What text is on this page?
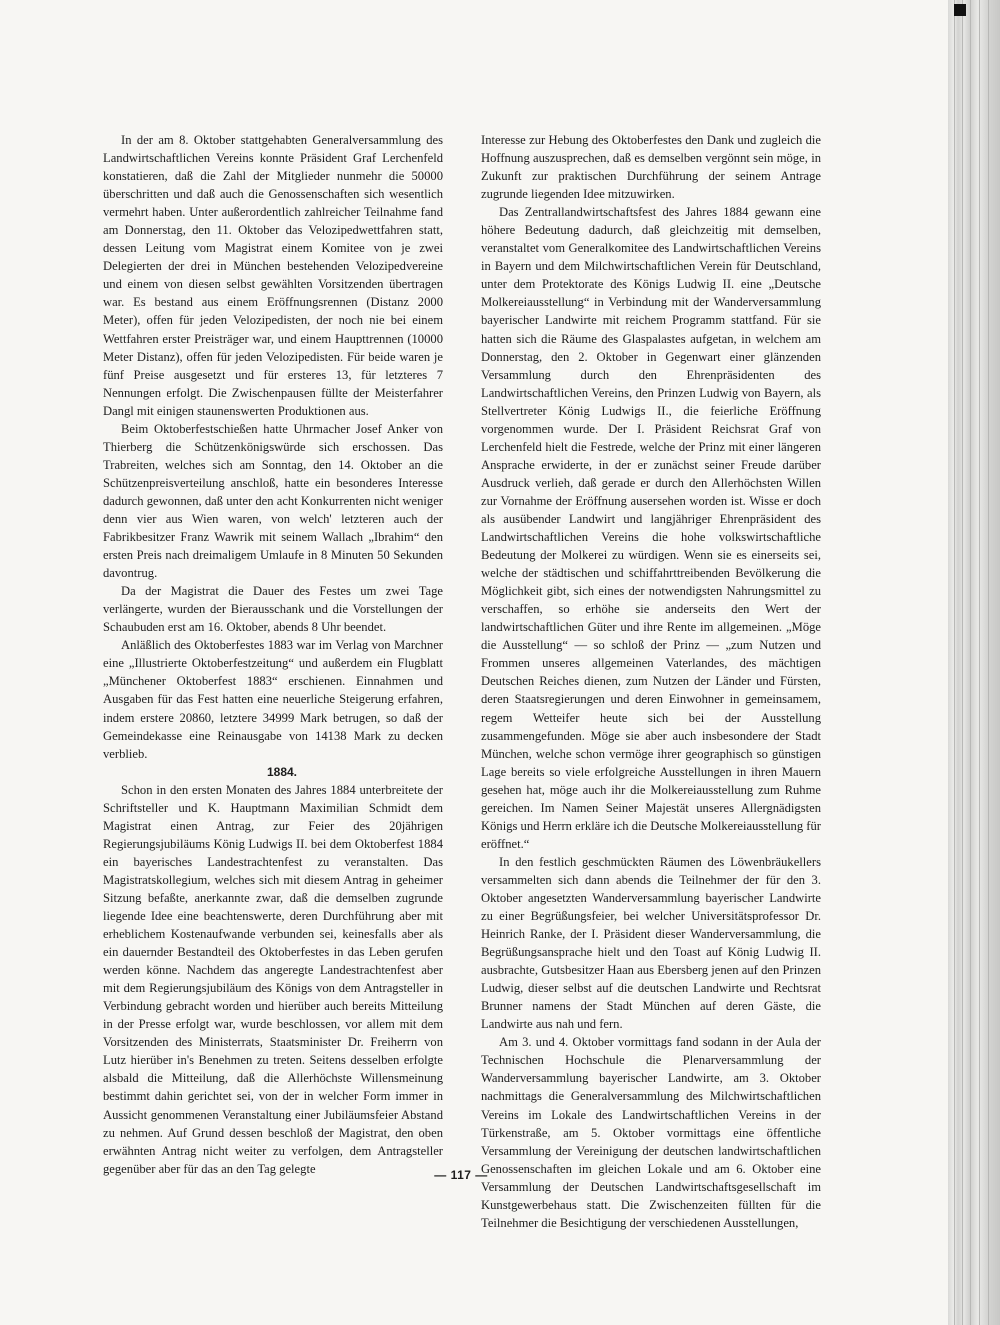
In der am 8. Oktober stattgehabten Generalversammlung des Landwirtschaftlichen Vereins konnte Präsident Graf Lerchenfeld konstatieren, daß die Zahl der Mitglieder nunmehr die 50000 überschritten und daß auch die Genossenschaften sich wesentlich vermehrt haben. Unter außerordentlich zahlreicher Teilnahme fand am Donnerstag, den 11. Oktober das Velozipedwettfahren statt, dessen Leitung vom Magistrat einem Komitee von je zwei Delegierten der drei in München bestehenden Velozipedvereine und einem von diesen selbst gewählten Vorsitzenden übertragen war. Es bestand aus einem Eröffnungsrennen (Distanz 2000 Meter), offen für jeden Velozipedisten, der noch nie bei einem Wettfahren erster Preisträger war, und einem Haupttrennen (10000 Meter Distanz), offen für jeden Velozipedisten. Für beide waren je fünf Preise ausgesetzt und für ersteres 13, für letzteres 7 Nennungen erfolgt. Die Zwischenpausen füllte der Meisterfahrer Dangl mit einigen staunenswerten Produktionen aus.

Beim Oktoberfestschießen hatte Uhrmacher Josef Anker von Thierberg die Schützenkönigswürde sich erschossen. Das Trabreiten, welches sich am Sonntag, den 14. Oktober an die Schützenpreisverteilung anschloß, hatte ein besonderes Interesse dadurch gewonnen, daß unter den acht Konkurrenten nicht weniger denn vier aus Wien waren, von welch' letzteren auch der Fabrikbesitzer Franz Wawrik mit seinem Wallach „Ibrahim“ den ersten Preis nach dreimaligem Umlaufe in 8 Minuten 50 Sekunden davontrug.

Da der Magistrat die Dauer des Festes um zwei Tage verlängerte, wurden der Bierausschank und die Vorstellungen der Schaubuden erst am 16. Oktober, abends 8 Uhr beendet.

Anläßlich des Oktoberfestes 1883 war im Verlag von Marchner eine „Illustrierte Oktoberfestzeitung“ und außerdem ein Flugblatt „Münchener Oktoberfest 1883“ erschienen. Einnahmen und Ausgaben für das Fest hatten eine neuerliche Steigerung erfahren, indem erstere 20860, letztere 34999 Mark betrugen, so daß der Gemeindekasse eine Reinausgabe von 14138 Mark zu decken verblieb.

1884.

Schon in den ersten Monaten des Jahres 1884 unterbreitete der Schriftsteller und K. Hauptmann Maximilian Schmidt dem Magistrat einen Antrag, zur Feier des 20jährigen Regierungsjubiläums König Ludwigs II. bei dem Oktoberfest 1884 ein bayerisches Landestrachtenfest zu veranstalten. Das Magistratskollegium, welches sich mit diesem Antrag in geheimer Sitzung befaßte, anerkannte zwar, daß die demselben zugrunde liegende Idee eine beachtenswerte, deren Durchführung aber mit erheblichem Kostenaufwande verbunden sei, keinesfalls aber als ein dauernder Bestandteil des Oktoberfestes in das Leben gerufen werden könne. Nachdem das angeregte Landestrachtenfest aber mit dem Regierungsjubiläum des Königs von dem Antragsteller in Verbindung gebracht worden und hierüber auch bereits Mitteilung in der Presse erfolgt war, wurde beschlossen, vor allem mit dem Vorsitzenden des Ministerrats, Staatsminister Dr. Freiherrn von Lutz hierüber in's Benehmen zu treten. Seitens desselben erfolgte alsbald die Mitteilung, daß die Allerhöchste Willensmeinung bestimmt dahin gerichtet sei, von der in welcher Form immer in Aussicht genommenen Veranstaltung einer Jubiläumsfeier Abstand zu nehmen. Auf Grund dessen beschloß der Magistrat, den oben erwähnten Antrag nicht weiter zu verfolgen, dem Antragsteller gegenüber aber für das an den Tag gelegte

Interesse zur Hebung des Oktoberfestes den Dank und zugleich die Hoffnung auszusprechen, daß es demselben vergönnt sein möge, in Zukunft zur praktischen Durchführung der seinem Antrage zugrunde liegenden Idee mitzuwirken.

Das Zentrallandwirtschaftsfest des Jahres 1884 gewann eine höhere Bedeutung dadurch, daß gleichzeitig mit demselben, veranstaltet vom Generalkomitee des Landwirtschaftlichen Vereins in Bayern und dem Milchwirtschaftlichen Verein für Deutschland, unter dem Protektorate des Königs Ludwig II. eine „Deutsche Molkereiausstellung“ in Verbindung mit der Wanderversammlung bayerischer Landwirte mit reichem Programm stattfand. Für sie hatten sich die Räume des Glaspalastes aufgetan, in welchem am Donnerstag, den 2. Oktober in Gegenwart einer glänzenden Versammlung durch den Ehrenpräsidenten des Landwirtschaftlichen Vereins, den Prinzen Ludwig von Bayern, als Stellvertreter König Ludwigs II., die feierliche Eröffnung vorgenommen wurde. Der I. Präsident Reichsrat Graf von Lerchenfeld hielt die Festrede, welche der Prinz mit einer längeren Ansprache erwiderte, in der er zunächst seiner Freude darüber Ausdruck verlieh, daß gerade er durch den Allerhöchsten Willen zur Vornahme der Eröffnung ausersehen worden ist. Wisse er doch als ausübender Landwirt und langjähriger Ehrenpräsident des Landwirtschaftlichen Vereins die hohe volkswirtschaftliche Bedeutung der Molkerei zu würdigen. Wenn sie es einerseits sei, welche der städtischen und schiffahrttreibenden Bevölkerung die Möglichkeit gibt, sich eines der notwendigsten Nahrungsmittel zu verschaffen, so erhöhe sie anderseits den Wert der landwirtschaftlichen Güter und ihre Rente im allgemeinen. „Möge die Ausstellung“ — so schloß der Prinz — „zum Nutzen und Frommen unseres allgemeinen Vaterlandes, des mächtigen Deutschen Reiches dienen, zum Nutzen der Länder und Fürsten, deren Staatsregierungen und deren Einwohner in gemeinsamem, regem Wetteifer heute sich bei der Ausstellung zusammengefunden. Möge sie aber auch insbesondere der Stadt München, welche schon vermöge ihrer geographisch so günstigen Lage bereits so viele erfolgreiche Ausstellungen in ihren Mauern gesehen hat, möge auch ihr die Molkereiausstellung zum Ruhme gereichen. Im Namen Seiner Majestät unseres Allergnädigsten Königs und Herrn erkläre ich die Deutsche Molkereiausstellung für eröffnet.“

In den festlich geschmückten Räumen des Löwenbräukellers versammelten sich dann abends die Teilnehmer der für den 3. Oktober angesetzten Wanderversammlung bayerischer Landwirte zu einer Begrüßungsfeier, bei welcher Universitätsprofessor Dr. Heinrich Ranke, der I. Präsident dieser Wanderversammlung, die Begrüßungsansprache hielt und den Toast auf König Ludwig II. ausbrachte, Gutsbesitzer Haan aus Ebersberg jenen auf den Prinzen Ludwig, dieser selbst auf die deutschen Landwirte und Rechtsrat Brunner namens der Stadt München auf deren Gäste, die Landwirte aus nah und fern.

Am 3. und 4. Oktober vormittags fand sodann in der Aula der Technischen Hochschule die Plenarversammlung der Wanderversammlung bayerischer Landwirte, am 3. Oktober nachmittags die Generalversammlung des Milchwirtschaftlichen Vereins im Lokale des Landwirtschaftlichen Vereins in der Türkenstraße, am 5. Oktober vormittags eine öffentliche Versammlung der Vereinigung der deutschen landwirtschaftlichen Genossenschaften im gleichen Lokale und am 6. Oktober eine Versammlung der Deutschen Landwirtschaftsgesellschaft im Kunstgewerbehaus statt. Die Zwischenzeiten füllten für die Teilnehmer die Besichtigung der verschiedenen Ausstellungen,

— 117 —
